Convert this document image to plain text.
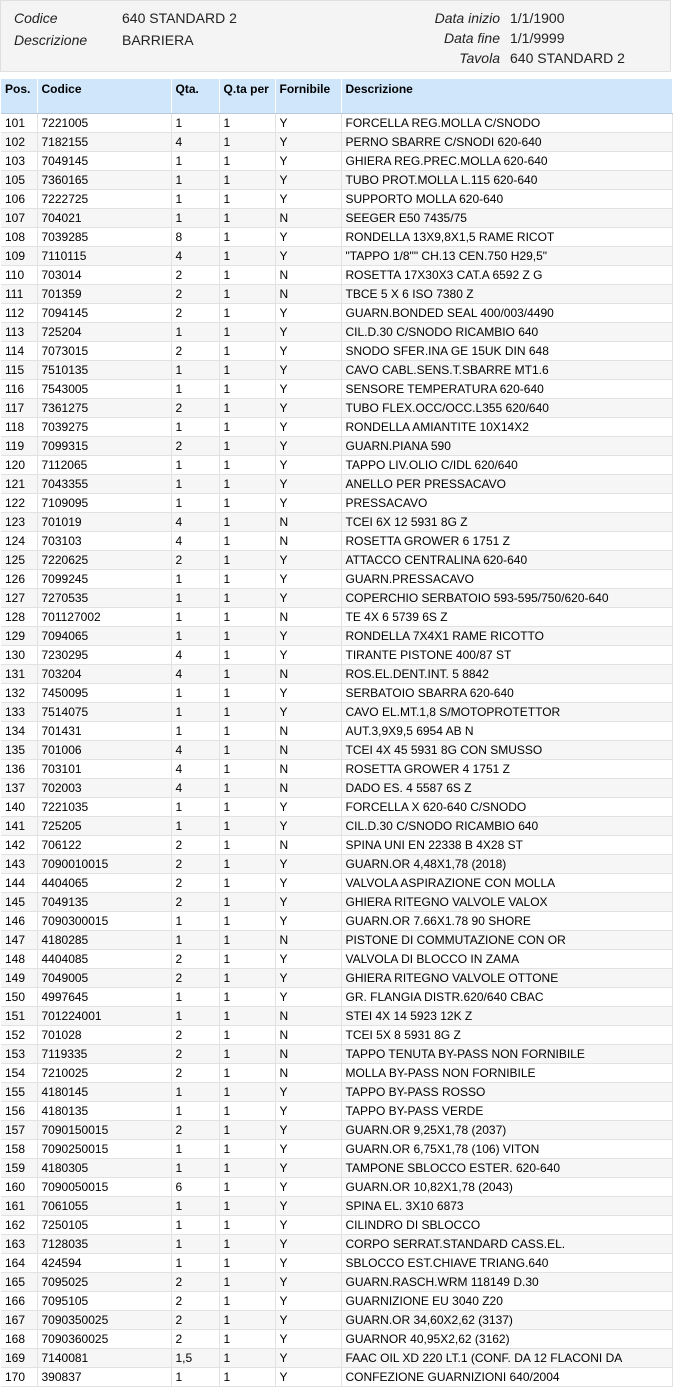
Codice	640 STANDARD 2
Descrizione BARRIERA
Data inizio 1/1/1900
Data fine 1/1/9999
Tavola 640 STANDARD 2
Pos.	Codice	Qta.	Q.ta per	Fornibile	Descrizione
101	7221005	1	1	Y	FORCELLA REG.MOLLA C/SNODO
102	7182155	4	1	Y	PERNO SBARRE C/SNODI 620-640
103	7049145	1	1	Y	GHIERA REG.PREC.MOLLA 620-640
105	7360165	1	1	Y	TUBO PROT.MOLLA L.115 620-640
106	7222725	1	1	Y	SUPPORTO MOLLA 620-640
107	704021	1	1	N	SEEGER E50 7435/75
108	7039285	8	1	Y	RONDELLA 13X9,8X1,5 RAME RICOT
109	7110115	4	1	Y	"TAPPO 1/8"" CH.13 CEN.750 H29,5"
110	703014	2	1	N	ROSETTA 17X30X3 CAT.A 6592 Z G
111	701359	2	1	N	TBCE 5 X 6 ISO 7380 Z
112	7094145	2	1	Y	GUARN.BONDED SEAL 400/003/4490
113	725204	1	1	Y	CIL.D.30 C/SNODO RICAMBIO 640
114	7073015	2	1	Y	SNODO SFER.INA GE 15UK DIN 648
115	7510135	1	1	Y	CAVO CABL.SENS.T.SBARRE MT1.6
116	7543005	1	1	Y	SENSORE TEMPERATURA 620-640
117	7361275	2	1	Y	TUBO FLEX.OCC/OCC.L355 620/640
118	7039275	1	1	Y	RONDELLA AMIANTITE 10X14X2
119	7099315	2	1	Y	GUARN.PIANA 590
120	7112065	1	1	Y	TAPPO LIV.OLIO C/IDL 620/640
121	7043355	1	1	Y	ANELLO PER PRESSACAVO
122	7109095	1	1	Y	PRESSACAVO
123	701019	4	1	N	TCEI 6X 12 5931 8G Z
124	703103	4	1	N	ROSETTA GROWER 6 1751 Z
125	7220625	2	1	Y	ATTACCO CENTRALINA 620-640
126	7099245	1	1	Y	GUARN.PRESSACAVO
127	7270535	1	1	Y	COPERCHIO SERBATOIO 593-595/750/620-640
128	701127002	1	1	N	TE 4X 6 5739 6S Z
129	7094065	1	1	Y	RONDELLA 7X4X1 RAME RICOTTO
130	7230295	4	1	Y	TIRANTE PISTONE 400/87 ST
131	703204	4	1	N	ROS.EL.DENT.INT. 5 8842
132	7450095	1	1	Y	SERBATOIO SBARRA 620-640
133	7514075	1	1	Y	CAVO EL.MT.1,8 S/MOTOPROTETTOR
134	701431	1	1	N	AUT.3,9X9,5 6954 AB N
135	701006	4	1	N	TCEI 4X 45 5931 8G CON SMUSSO
136	703101	4	1	N	ROSETTA GROWER 4 1751 Z
137	702003	4	1	N	DADO ES. 4 5587 6S Z
140	7221035	1	1	Y	FORCELLA X 620-640 C/SNODO
141	725205	1	1	Y	CIL.D.30 C/SNODO RICAMBIO 640
142	706122	2	1	N	SPINA UNI EN 22338 B 4X28 ST
143	7090010015	2	1	Y	GUARN.OR 4,48X1,78 (2018)
144	4404065	2	1	Y	VALVOLA ASPIRAZIONE CON MOLLA
145	7049135	2	1	Y	GHIERA RITEGNO VALVOLE VALOX
146	7090300015	1	1	Y	GUARN.OR 7.66X1.78 90 SHORE
147	4180285	1	1	N	PISTONE DI COMMUTAZIONE CON OR
148	4404085	2	1	Y	VALVOLA DI BLOCCO IN ZAMA
149	7049005	2	1	Y	GHIERA RITEGNO VALVOLE OTTONE
150	4997645	1	1	Y	GR. FLANGIA DISTR.620/640 CBAC
151	701224001	1	1	N	STEI 4X 14 5923 12K Z
152	701028	2	1	N	TCEI 5X 8 5931 8G Z
153	7119335	2	1	N	TAPPO TENUTA BY-PASS NON FORNIBILE
154	7210025	2	1	N	MOLLA BY-PASS NON FORNIBILE
155	4180145	1	1	Y	TAPPO BY-PASS ROSSO
156	4180135	1	1	Y	TAPPO BY-PASS VERDE
157	7090150015	2	1	Y	GUARN.OR 9,25X1,78 (2037)
158	7090250015	1	1	Y	GUARN.OR 6,75X1,78 (106) VITON
159	4180305	1	1	Y	TAMPONE SBLOCCO ESTER. 620-640
160	7090050015	6	1	Y	GUARN.OR 10,82X1,78 (2043)
161	7061055	1	1	Y	SPINA EL. 3X10 6873
162	7250105	1	1	Y	CILINDRO DI SBLOCCO
163	7128035	1	1	Y	CORPO SERRAT.STANDARD CASS.EL.
164	424594	1	1	Y	SBLOCCO EST.CHIAVE TRIANG.640
165	7095025	2	1	Y	GUARN.RASCH.WRM 118149 D.30
166	7095105	2	1	Y	GUARNIZIONE EU 3040 Z20
167	7090350025	2	1	Y	GUARN.OR 34,60X2,62 (3137)
168	7090360025	2	1	Y	GUARNOR 40,95X2,62 (3162)
169	7140081	1,5	1	Y	FAAC OIL XD 220 LT.1 (CONF. DA 12 FLACONI DA
170	390837	1	1	Y	CONFEZIONE GUARNIZIONI 640/2004
